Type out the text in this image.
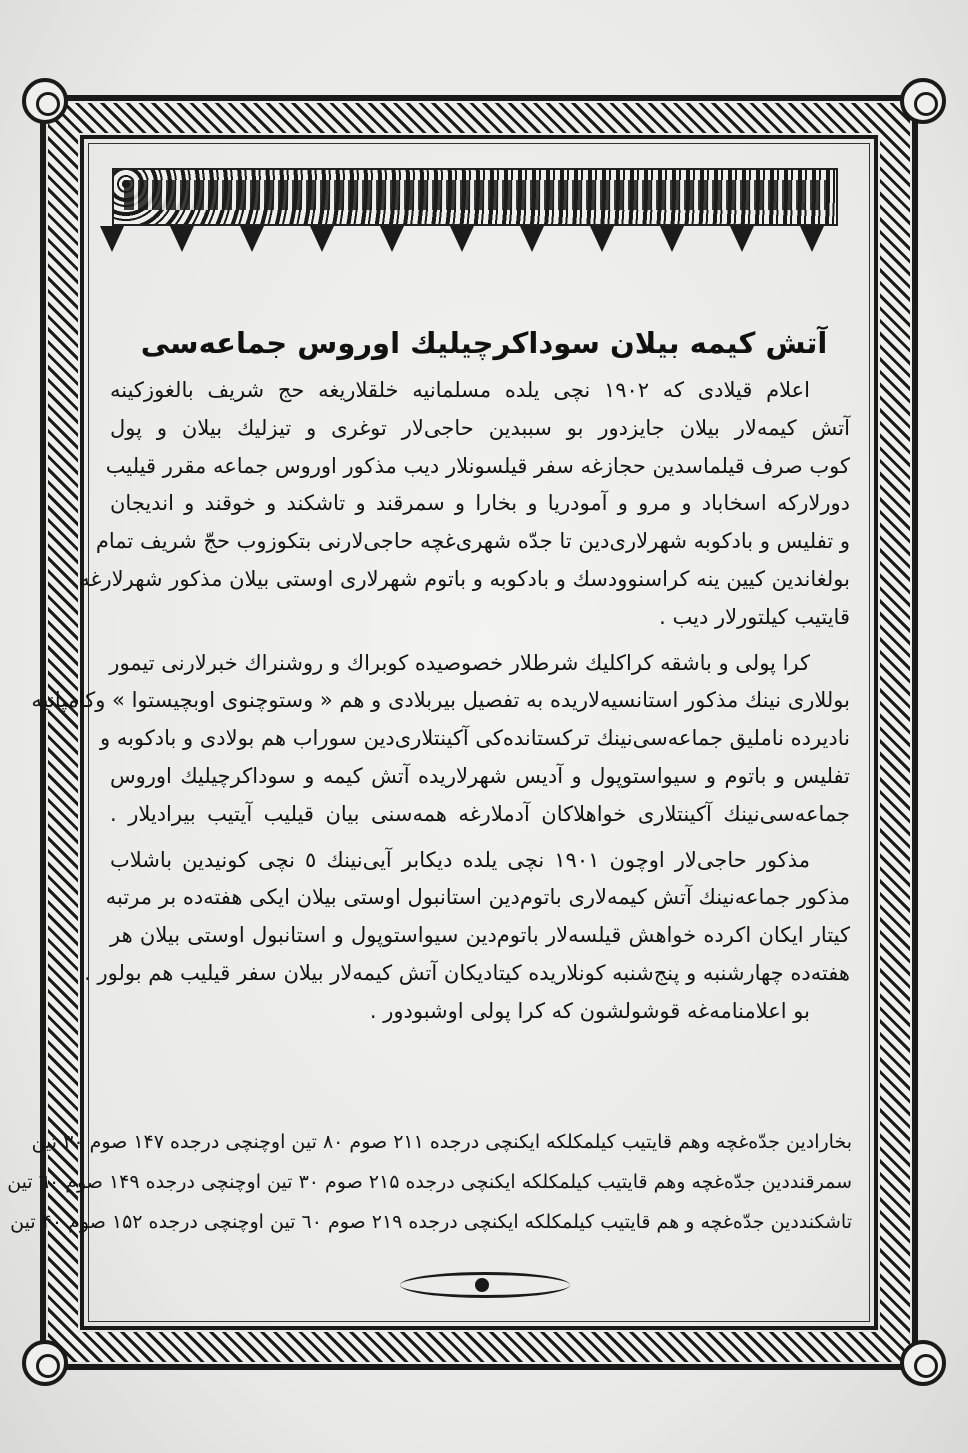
آتش کیمه بیلان سوداکرچیلیك اوروس جماعه‌سی
اعلام قیلادی که ۱۹۰۲ نچی یلده مسلمانیه خلقلاریغه حج شریف بالغوزکینه
آتش کیمه‌لار بیلان جایزدور بو سببدین حاجی‌لار توغری و تیزلیك بیلان و پول
کوب صرف قیلماسدین حجازغه سفر قیلسونلار دیب مذکور اوروس جماعه مقرر قیلیب
دورلارکه اسخاباد و مرو و آمودریا و بخارا و سمرقند و تاشکند و خوقند و اندیجان
و تفلیس و بادکوبه شهرلاری‌دین تا جدّه شهری‌غچه حاجی‌لارنی بتکوزوب حجّ شریف تمام
بولغاندین کیین ینه کراسنوودسك و بادکوبه و باتوم شهرلاری اوستی بیلان مذکور شهرلارغه
قایتیب کیلتورلار دیب .
کرا پولی و باشقه کراکلیك شرطلار خصوصیده کوبراك و روشنراك خبرلارنی تیمور
بوللاری نینك مذکور استانسیه‌لاریده به تفصیل بیربلادی و هم « وستوچنوی اوبچیستوا » وکامپانیه
نادیرده نامليق جماعه‌سی‌نینك ترکستانده‌کی آکینتلاری‌دین سوراب هم بولادی و بادکوبه و
تفلیس و باتوم و سیواستوپول و آدیس شهرلاریده آتش کیمه و سوداکرچیلیك اوروس
جماعه‌سی‌نینك آکینتلاری خواهلاکان آدملارغه همه‌سنی بیان قیلیب آیتیب بیرادیلار .
مذکور حاجی‌لار اوچون ۱۹۰۱ نچی یلده دیکابر آیی‌نینك ٥ نچی کونیدین باشلاب
مذکور جماعه‌نینك آتش کیمه‌لاری باتوم‌دین استانبول اوستی بیلان ایکی هفته‌ده بر مرتبه
کیتار ایکان اکرده خواهش قیلسه‌لار باتوم‌دین سیواستوپول و استانبول اوستی بیلان هر
هفته‌ده چهارشنبه و پنج‌شنبه کونلاریده کیتادیکان آتش کیمه‌لار بیلان سفر قیلیب هم بولور .
بو اعلامنامه‌غه قوشولشون که کرا پولی اوشبودور .
بخارادین جدّه‌غچه وهم قایتیب کیلمکلکه ایکنچی درجده ۲۱۱ صوم ۸۰ تین اوچنچی درجده ۱۴۷ صوم ۳۰ تین
سمرقنددین جدّه‌غچه وهم قایتیب کیلمکلکه ایکنچی درجده ۲۱۵ صوم ۳۰ تین اوچنچی درجده ۱۴۹ صوم ٦۰ تین
تاشکنددین جدّه‌غچه و هم قایتیب کیلمکلکه ایکنچی درجده ۲۱۹ صوم ٦۰ تین اوچنچی درجده ۱۵۲ صوم ۴۰ تین
